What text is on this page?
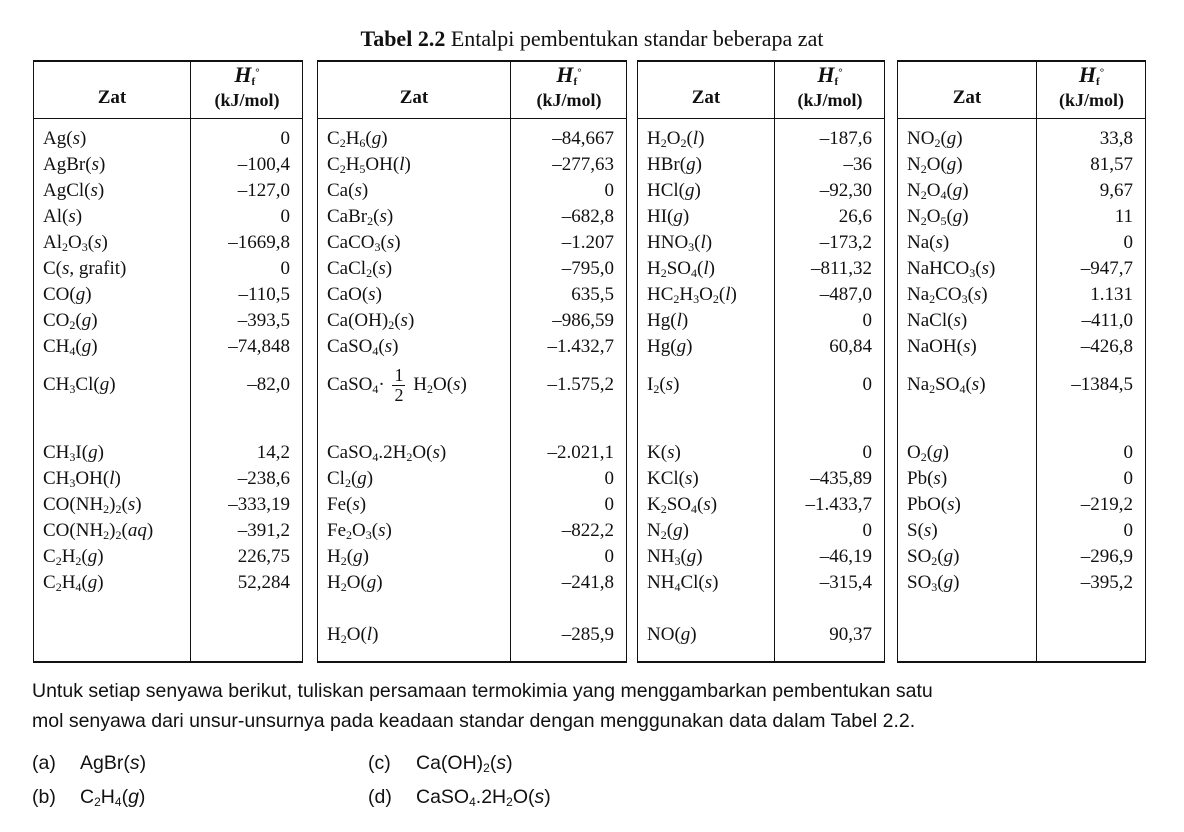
Tabel 2.2 Entalpi pembentukan standar beberapa zat
Zat
$H_f^\circ$
(kJ/mol)
Ag(s)	0
AgBr(s)	–100,4
AgCl(s)	–127,0
Al(s)	0
$Al_2O_3(s)$	–1669,8
C(s, grafit)	0
CO(g)	–110,5
$CO_2(g)$	–393,5
$CH_4(g)$	–74,848
$CH_3Cl(g)$	–82,0
$CH_3I(g)$	14,2
$CH_3OH(l)$	–238,6
$CO(NH_2)_2(s)$	–333,19
$CO(NH_2)_2(aq)$	–391,2
$C_2H_2(g)$	226,75
$C_2H_4(g)$	52,284
Zat
$H_f^\circ$
(kJ/mol)
$C_2H_6(g)$	–84,667
$C_2H_5OH(l)$	–277,63
Ca(s)	0
CaBr$_2$(s)	–682,8
CaCO$_3$(s)	–1.207
CaCl$_2$(s)	–795,0
CaO(s)	635,5
$Ca(OH)_2(s)$	–986,59
CaSO$_4$(s)	–1.432,7
CaSO$_4$· $\frac{1}{2} H_2O(s)$	–1.575,2
$CaSO_4.2H_2O(s)$	–2.021,1
$Cl_2(g)$	0
Fe(s)	0
$Fe_2O_3(s)$	–822,2
$H_2(g)$	0
$H_2O(g)$	–241,8
$H_2O(l)$	–285,9
Zat
$H_f^\circ$
(kJ/mol)
$H_2O_2(l)$	–187,6
HBr(g)	–36
HCl(g)	–92,30
HI(g)	26,6
$HNO_3(l)$	–173,2
$H_2SO_4(l)$	–811,32
$HC_2H_3O_2(l)$	–487,0
Hg(l)	0
Hg(g)	60,84
$I_2(s)$	0
K(s)	0
KCl(s)	–435,89
$K_2SO_4(s)$	–1.433,7
$N_2(g)$	0
$NH_3(g)$	–46,19
$NH_4Cl(s)$	–315,4
NO(g)	90,37
Zat
$H_f^\circ$
(kJ/mol)
$NO_2(g)$	33,8
$N_2O(g)$	81,57
$N_2O_4(g)$	9,67
$N_2O_5(g)$	11
Na(s)	0
NaHCO$_3$(s)	–947,7
$Na_2CO_3(s)$	1.131
NaCl(s)	–411,0
NaOH(s)	–426,8
$Na_2SO_4(s)$	–1384,5
$O_2(g)$	0
Pb(s)	0
PbO(s)	–219,2
S(s)	0
$SO_2(g)$	–296,9
$SO_3(g)$	–395,2
Untuk setiap senyawa berikut, tuliskan persamaan termokimia yang menggambarkan pembentukan satu
mol senyawa dari unsur-unsurnya pada keadaan standar dengan menggunakan data dalam Tabel 2.2.
(a) AgBr(s)
(b) $C_2H_4(g)$
(c) $Ca(OH)_2(s)$
(d) $CaSO_4.2H_2O(s)$
